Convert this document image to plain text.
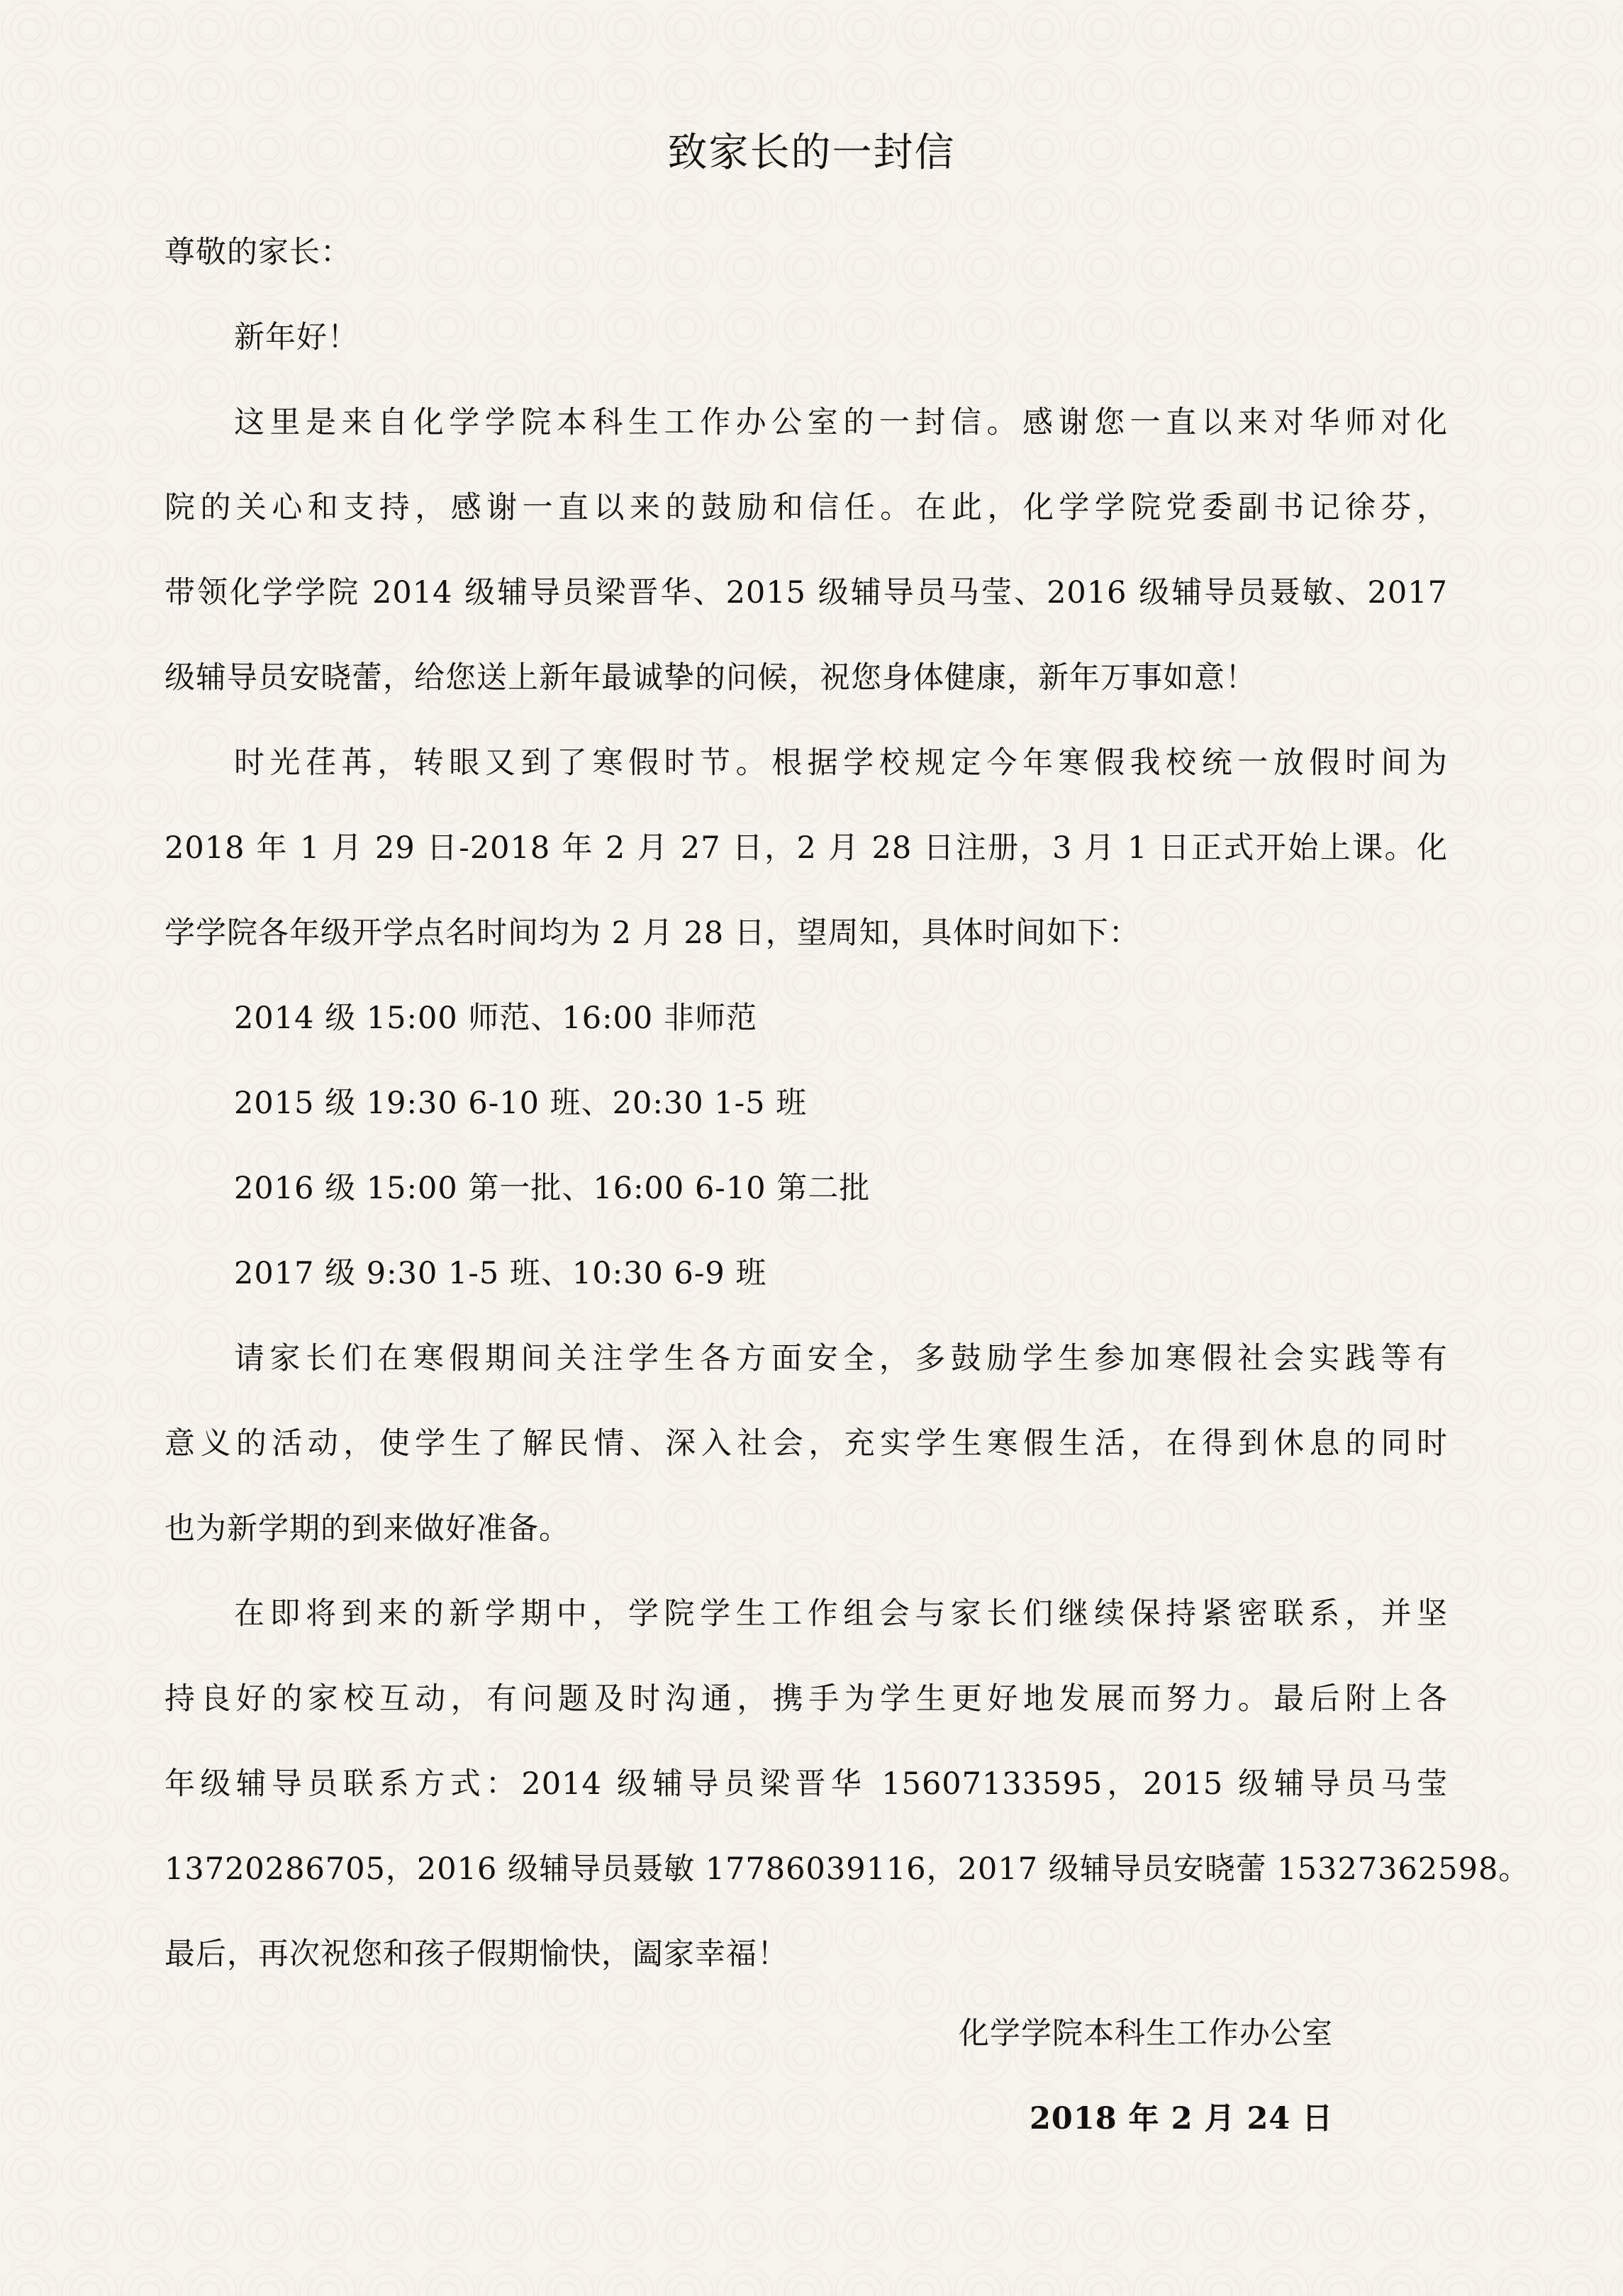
致家长的一封信
尊敬的家长：
新年好！
这里是来自化学学院本科生工作办公室的一封信。感谢您一直以来对华师对化
院的关心和支持，感谢一直以来的鼓励和信任。在此，化学学院党委副书记徐芬，
带领化学学院 2014 级辅导员梁晋华、2015 级辅导员马莹、2016 级辅导员聂敏、2017
级辅导员安晓蕾，给您送上新年最诚挚的问候，祝您身体健康，新年万事如意！
时光荏苒，转眼又到了寒假时节。根据学校规定今年寒假我校统一放假时间为
2018 年 1 月 29 日-2018 年 2 月 27 日，2 月 28 日注册，3 月 1 日正式开始上课。化
学学院各年级开学点名时间均为 2 月 28 日，望周知，具体时间如下：
2014 级 15:00 师范、16:00 非师范
2015 级 19:30 6-10 班、20:30 1-5 班
2016 级 15:00 第一批、16:00 6-10 第二批
2017 级 9:30 1-5 班、10:30 6-9 班
请家长们在寒假期间关注学生各方面安全，多鼓励学生参加寒假社会实践等有
意义的活动，使学生了解民情、深入社会，充实学生寒假生活，在得到休息的同时
也为新学期的到来做好准备。
在即将到来的新学期中，学院学生工作组会与家长们继续保持紧密联系，并坚
持良好的家校互动，有问题及时沟通，携手为学生更好地发展而努力。最后附上各
年级辅导员联系方式：2014 级辅导员梁晋华 15607133595，2015 级辅导员马莹
13720286705，2016 级辅导员聂敏 17786039116，2017 级辅导员安晓蕾 15327362598。
最后，再次祝您和孩子假期愉快，阖家幸福！
化学学院本科生工作办公室
2018 年 2 月 24 日
